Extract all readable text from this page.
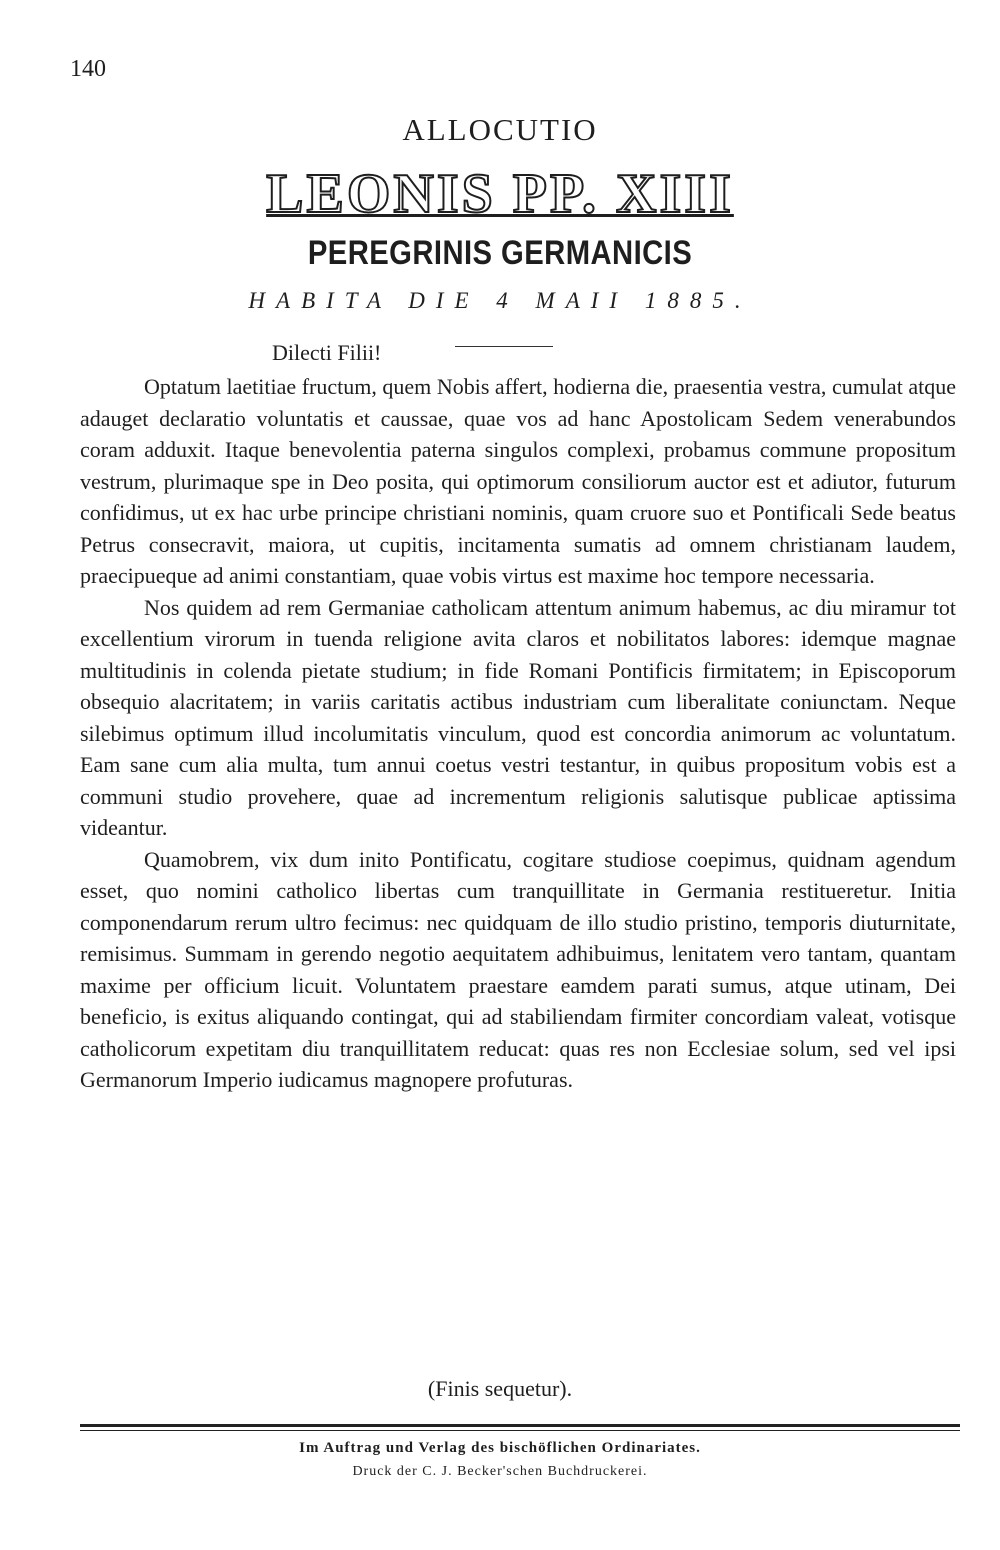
140
ALLOCUTIO
LEONIS PP. XIII
PEREGRINIS GERMANICIS
HABITA DIE 4 MAII 1885.
Dilecti Filii!

Optatum laetitiae fructum, quem Nobis affert, hodierna die, praesentia vestra, cumulat atque adauget declaratio voluntatis et caussae, quae vos ad hanc Apostolicam Sedem venerabundos coram adduxit. Itaque benevolentia paterna singulos complexi, probamus commune propositum vestrum, plurimaque spe in Deo posita, qui optimorum consiliorum auctor est et adiutor, futurum confidimus, ut ex hac urbe principe christiani nominis, quam cruore suo et Pontificali Sede beatus Petrus consecravit, maiora, ut cupitis, incitamenta sumatis ad omnem christianam laudem, praecipueque ad animi constantiam, quae vobis virtus est maxime hoc tempore necessaria.

Nos quidem ad rem Germaniae catholicam attentum animum habemus, ac diu miramur tot excellentium virorum in tuenda religione avita claros et nobilitatos labores: idemque magnae multitudinis in colenda pietate studium; in fide Romani Pontificis firmitatem; in Episcoporum obsequio alacritatem; in variis caritatis actibus industriam cum liberalitate coniunctam. Neque silebimus optimum illud incolumitatis vinculum, quod est concordia animorum ac voluntatum. Eam sane cum alia multa, tum annui coetus vestri testantur, in quibus propositum vobis est a communi studio provehere, quae ad incrementum religionis salutisque publicae aptissima videantur.

Quamobrem, vix dum inito Pontificatu, cogitare studiose coepimus, quidnam agendum esset, quo nomini catholico libertas cum tranquillitate in Germania restitueretur. Initia componendarum rerum ultro fecimus: nec quidquam de illo studio pristino, temporis diuturnitate, remisimus. Summam in gerendo negotio aequitatem adhibuimus, lenitatem vero tantam, quantam maxime per officium licuit. Voluntatem praestare eamdem parati sumus, atque utinam, Dei beneficio, is exitus aliquando contingat, qui ad stabiliendam firmiter concordiam valeat, votisque catholicorum expetitam diu tranquillitatem reducat: quas res non Ecclesiae solum, sed vel ipsi Germanorum Imperio iudicamus magnopere profuturas.

(Finis sequetur).
Im Auftrag und Verlag des bischöflichen Ordinariates.
Druck der C. J. Becker'schen Buchdruckerei.
